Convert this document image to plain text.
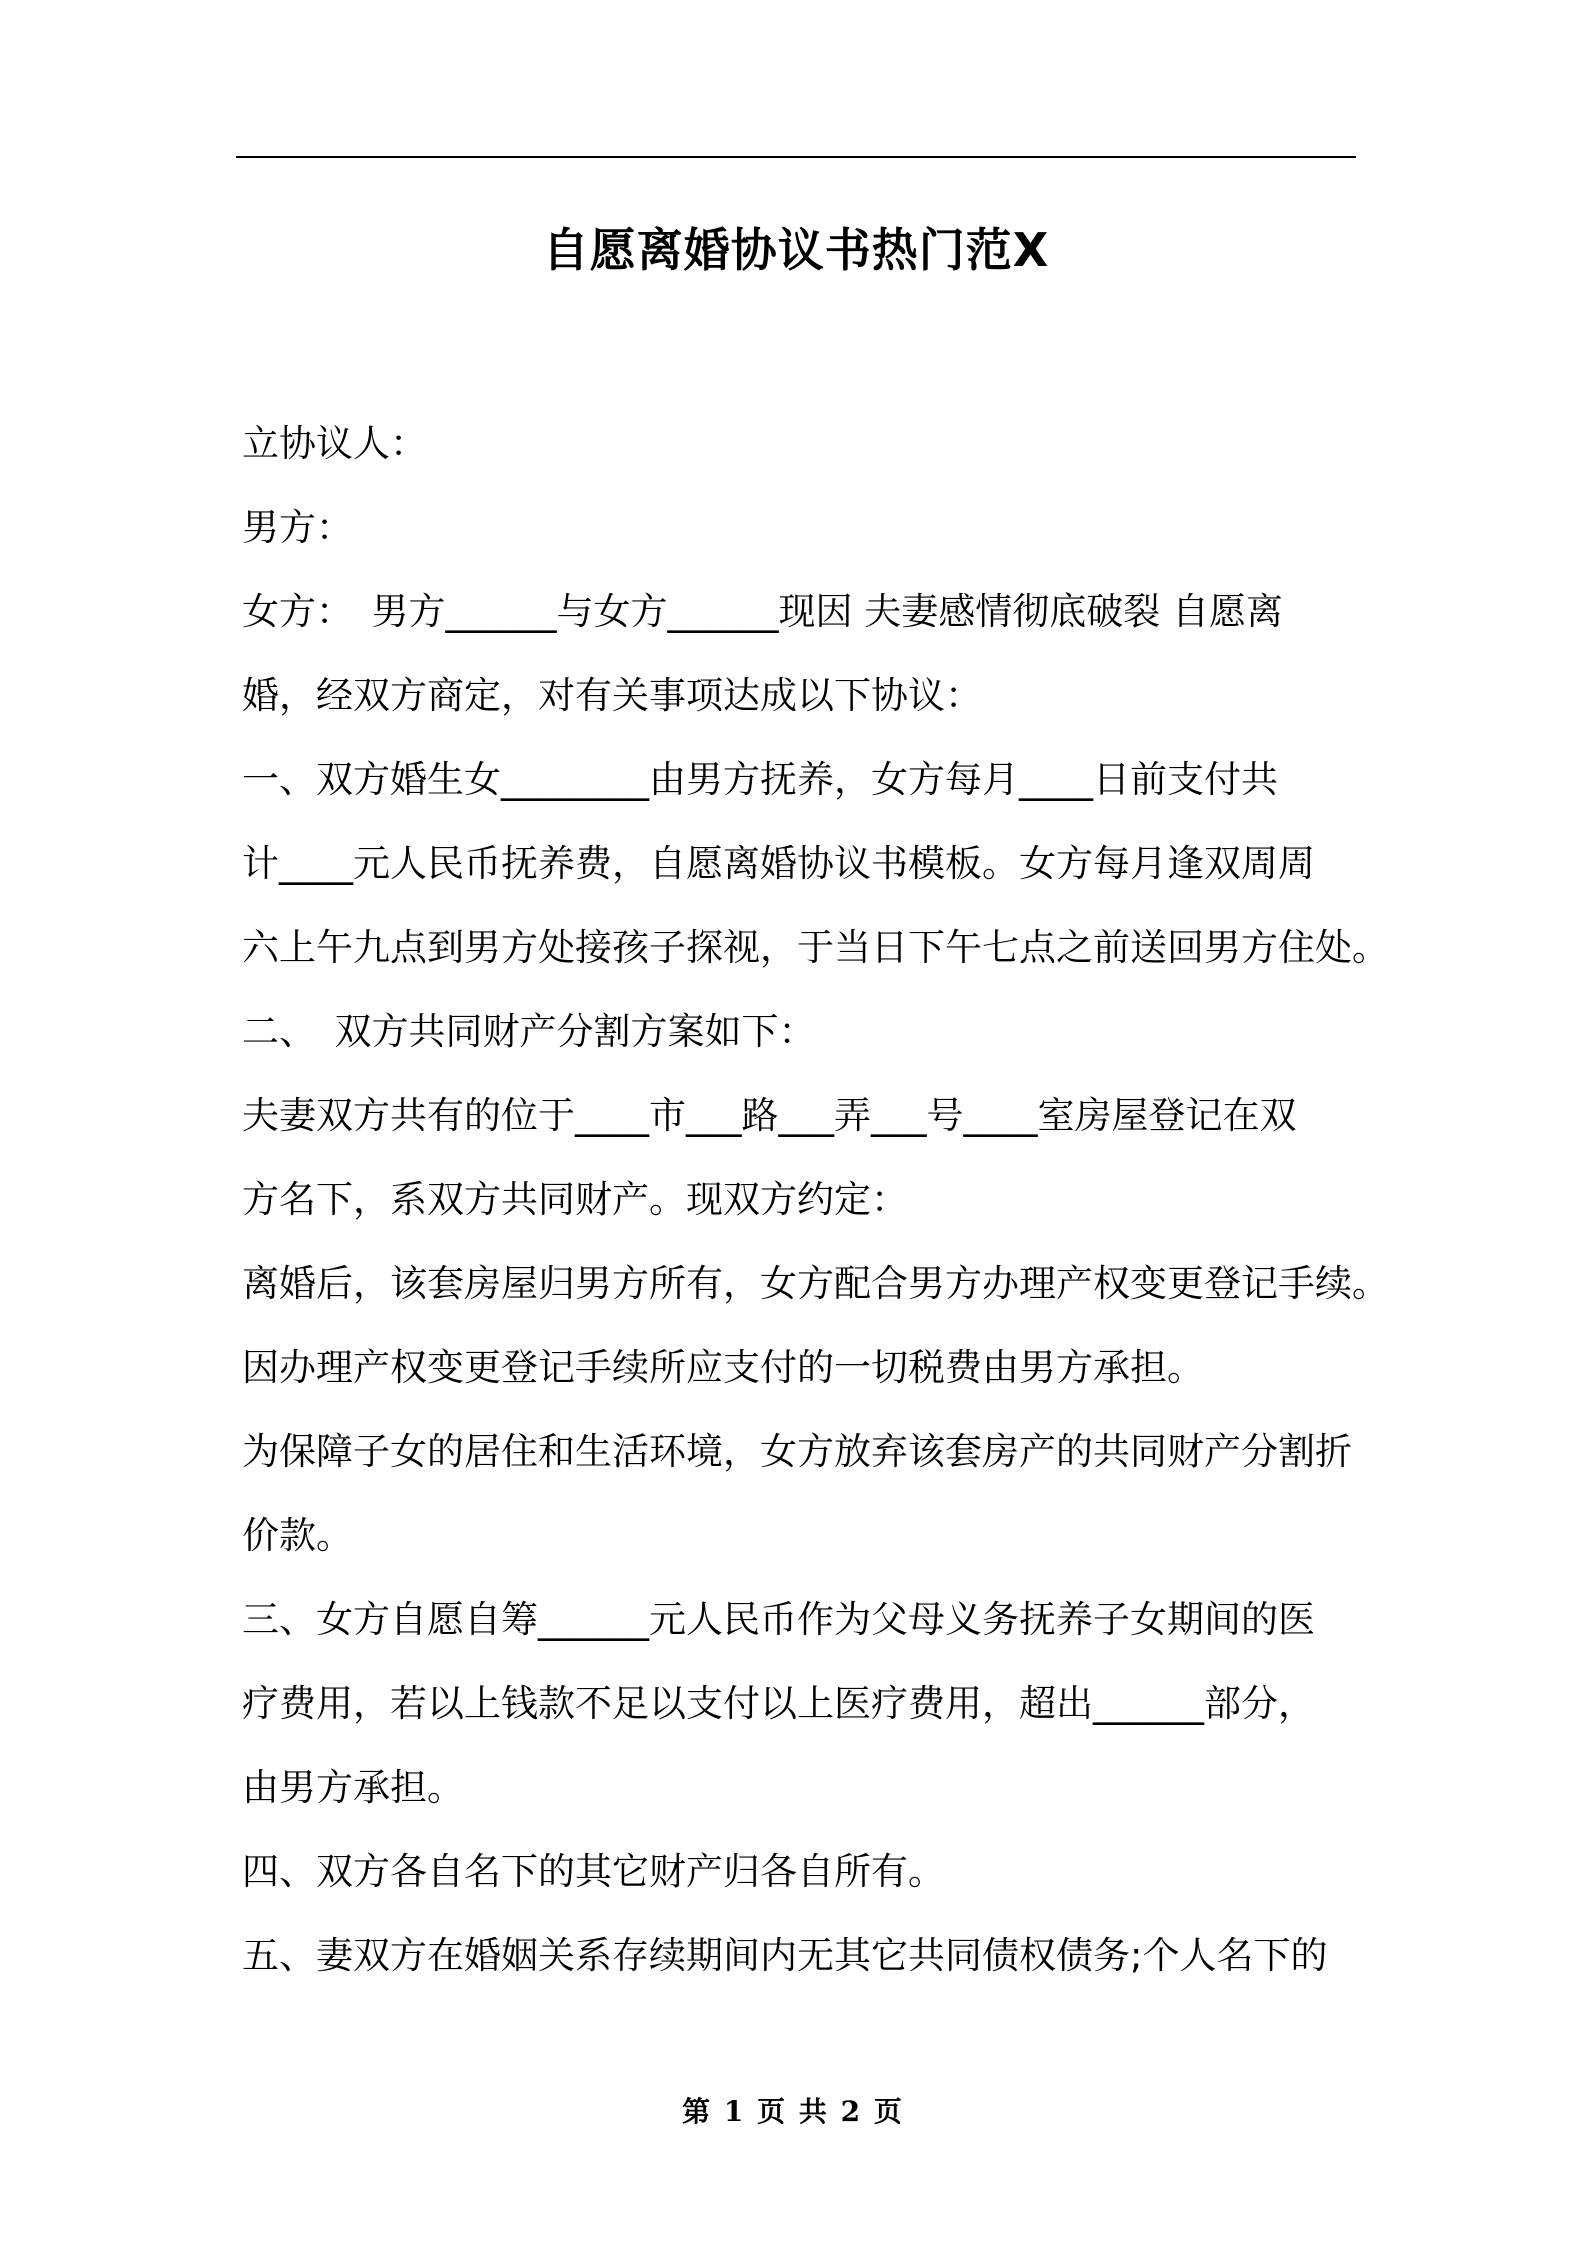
自愿离婚协议书热门范X
立协议人：
男方：
女方：　男方______与女方______现因 夫妻感情彻底破裂 自愿离
婚，经双方商定，对有关事项达成以下协议：
一、双方婚生女________由男方抚养，女方每月____日前支付共
计____元人民币抚养费，自愿离婚协议书模板。女方每月逢双周周
六上午九点到男方处接孩子探视，于当日下午七点之前送回男方住处。
二、　双方共同财产分割方案如下：
夫妻双方共有的位于____市___路___弄___号____室房屋登记在双
方名下，系双方共同财产。现双方约定：
离婚后，该套房屋归男方所有，女方配合男方办理产权变更登记手续。
因办理产权变更登记手续所应支付的一切税费由男方承担。
为保障子女的居住和生活环境，女方放弃该套房产的共同财产分割折
价款。
三、女方自愿自筹______元人民币作为父母义务抚养子女期间的医
疗费用，若以上钱款不足以支付以上医疗费用，超出______部分，
由男方承担。
四、双方各自名下的其它财产归各自所有。
五、妻双方在婚姻关系存续期间内无其它共同债权债务;个人名下的
第 1 页 共 2 页
